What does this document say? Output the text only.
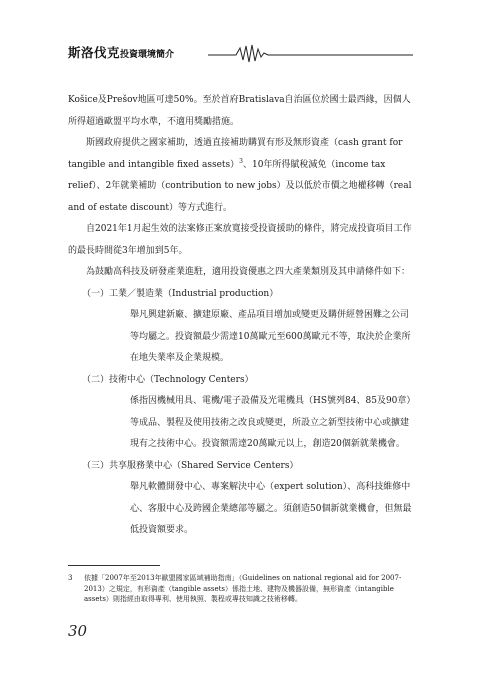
斯洛伐克投資環境簡介

Košice及Prešov地區可達50%。至於首府Bratislava自治區位於國士最西緣，因個人所得超過歐盟平均水準，不適用獎勵措施。

斯國政府提供之國家補助，透過直接補助購買有形及無形資產（cash grant for tangible and intangible fixed assets）$^3$、10年所得賦稅減免（income tax relief）、2年就業補助（contribution to new jobs）及以低於市價之地權移轉（real and of estate discount）等方式進行。

自2021年1月起生效的法案修正案放寬接受投資援助的條件，將完成投資項目工作的最長時間從3年增加到5年。

為鼓勵高科技及研發產業進駐，適用投資優惠之四大產業類別及其申請條件如下：

（一）工業／製造業（Industrial production）

舉凡興建新廠、擴建原廠、產品項目增加或變更及購併經營困難之公司等均屬之。投資額最少需達10萬歐元至600萬歐元不等，取決於企業所在地失業率及企業規模。

（二）技術中心（Technology Centers）

係指因機械用具、電機/電子設備及光電機具（HS號列84、85及90章）等成品、製程及使用技術之改良或變更，所設立之新型技術中心或擴建現有之技術中心。投資額需達20萬歐元以上，創造20個新就業機會。

（三）共享服務業中心（Shared Service Centers）

舉凡軟體開發中心、專案解決中心（expert solution）、高科技維修中心、客服中心及跨國企業總部等屬之。須創造50個新就業機會，但無最低投資額要求。

3 依據「2007年至2013年歐盟國家區域補助指南」（Guidelines on national regional aid for 2007-2013）之規定，有形資產（tangible assets）係指土地、建物及機器設備，無形資產（intangible assets）則指經由取得專利、使用執照、製程或專技知識之技術移轉。
30
